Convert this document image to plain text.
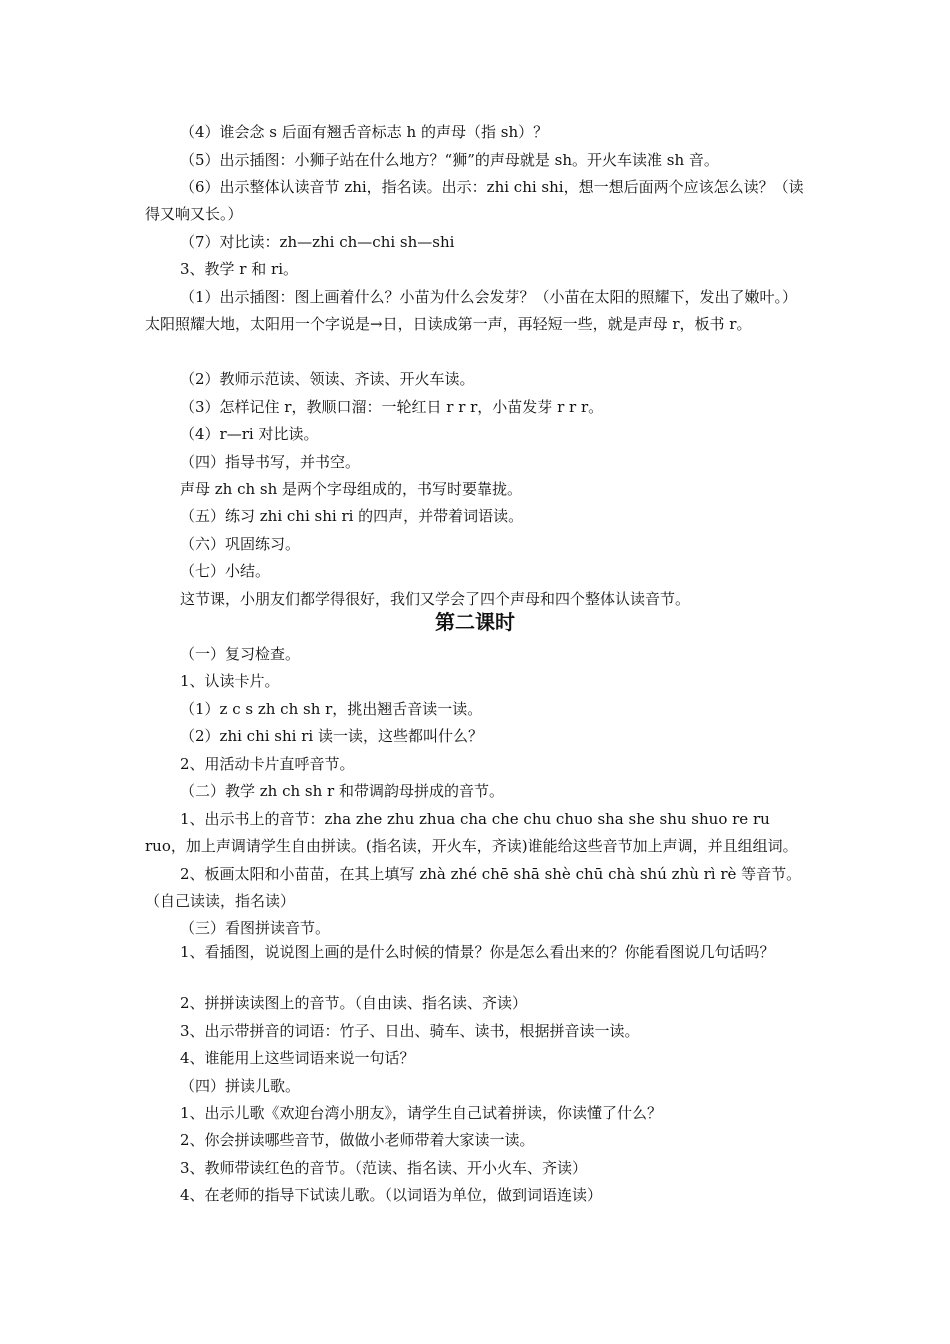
（4）谁会念 s 后面有翘舌音标志 h 的声母（指 sh）？
（5）出示插图：小狮子站在什么地方？“狮”的声母就是 sh。开火车读准 sh 音。
（6）出示整体认读音节 zhi，指名读。出示：zhi chi shi，想一想后面两个应该怎么读？（读得又响又长。）
（7）对比读：zh—zhi ch—chi sh—shi
3、教学 r 和 ri。
（1）出示插图：图上画着什么？小苗为什么会发芽？（小苗在太阳的照耀下，发出了嫩叶。）太阳照耀大地，太阳用一个字说是→日，日读成第一声，再轻短一些，就是声母 r，板书 r。
（2）教师示范读、领读、齐读、开火车读。
（3）怎样记住 r，教顺口溜：一轮红日 r r r，小苗发芽 r r r。
（4）r—ri 对比读。
（四）指导书写，并书空。
声母 zh ch sh 是两个字母组成的，书写时要靠拢。
（五）练习 zhi chi shi ri 的四声，并带着词语读。
（六）巩固练习。
（七）小结。
这节课，小朋友们都学得很好，我们又学会了四个声母和四个整体认读音节。
第二课时
（一）复习检查。
1、认读卡片。
（1）z c s zh ch sh r，挑出翘舌音读一读。
（2）zhi chi shi ri 读一读，这些都叫什么？
2、用活动卡片直呼音节。
（二）教学 zh ch sh r 和带调韵母拼成的音节。
1、出示书上的音节：zha zhe zhu zhua cha che chu chuo sha she shu shuo re ru ruo，加上声调请学生自由拼读。(指名读，开火车，齐读)谁能给这些音节加上声调，并且组组词。
2、板画太阳和小苗苗，在其上填写 zhà zhé chē shā shè chū chà shú zhù rì rè 等音节。（自己读读，指名读）
（三）看图拼读音节。
1、看插图，说说图上画的是什么时候的情景？你是怎么看出来的？你能看图说几句话吗？
2、拼拼读读图上的音节。（自由读、指名读、齐读）
3、出示带拼音的词语：竹子、日出、骑车、读书，根据拼音读一读。
4、谁能用上这些词语来说一句话？
（四）拼读儿歌。
1、出示儿歌《欢迎台湾小朋友》，请学生自己试着拼读，你读懂了什么？
2、你会拼读哪些音节，做做小老师带着大家读一读。
3、教师带读红色的音节。（范读、指名读、开小火车、齐读）
4、在老师的指导下试读儿歌。（以词语为单位，做到词语连读）
